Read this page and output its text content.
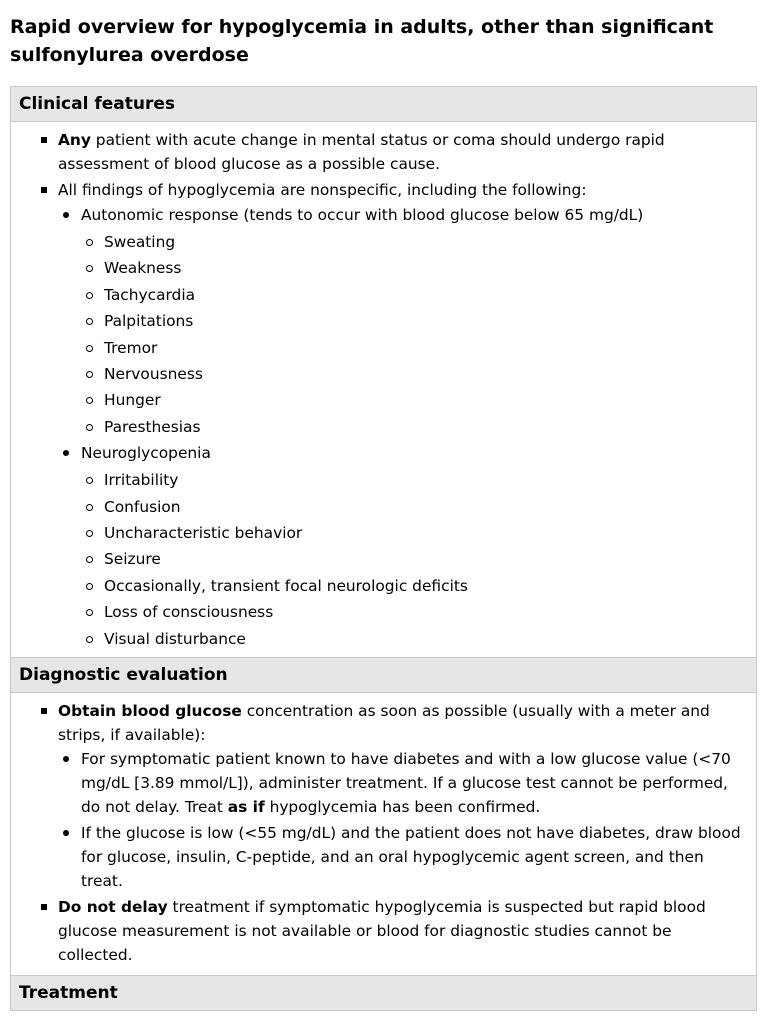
Rapid overview for hypoglycemia in adults, other than significant sulfonylurea overdose
Clinical features
Any patient with acute change in mental status or coma should undergo rapid assessment of blood glucose as a possible cause.
All findings of hypoglycemia are nonspecific, including the following:
Autonomic response (tends to occur with blood glucose below 65 mg/dL)
Sweating
Weakness
Tachycardia
Palpitations
Tremor
Nervousness
Hunger
Paresthesias
Neuroglycopenia
Irritability
Confusion
Uncharacteristic behavior
Seizure
Occasionally, transient focal neurologic deficits
Loss of consciousness
Visual disturbance
Diagnostic evaluation
Obtain blood glucose concentration as soon as possible (usually with a meter and strips, if available):
For symptomatic patient known to have diabetes and with a low glucose value (<70 mg/dL [3.89 mmol/L]), administer treatment. If a glucose test cannot be performed, do not delay. Treat as if hypoglycemia has been confirmed.
If the glucose is low (<55 mg/dL) and the patient does not have diabetes, draw blood for glucose, insulin, C-peptide, and an oral hypoglycemic agent screen, and then treat.
Do not delay treatment if symptomatic hypoglycemia is suspected but rapid blood glucose measurement is not available or blood for diagnostic studies cannot be collected.
Treatment
